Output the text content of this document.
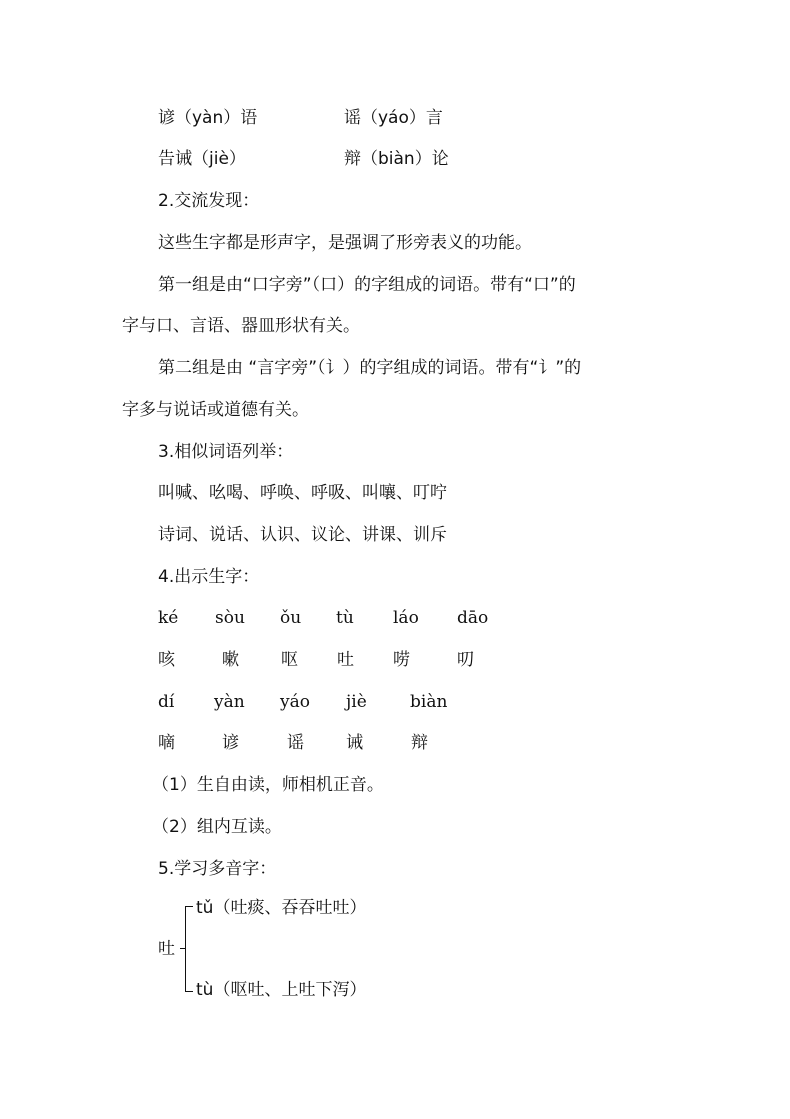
谚（yàn）语	谣（yáo）言
告诫（jiè）	辩（biàn）论
2.交流发现：
这些生字都是形声字，是强调了形旁表义的功能。
第一组是由“口字旁”（口）的字组成的词语。带有“口”的
字与口、言语、器皿形状有关。
第二组是由 “言字旁”（讠）的字组成的词语。带有“讠”的
字多与说话或道德有关。
3.相似词语列举：
叫喊、吆喝、呼唤、呼吸、叫嚷、叮咛
诗词、说话、认识、议论、讲课、训斥
4.出示生字：
ké sòu ǒu tù láo dāo
咳	嗽 呕 吐 唠	叨
dí yàn yáo jiè	biàn
嘀	谚	谣 诫	辩
（1）生自由读，师相机正音。
（2）组内互读。
5.学习多音字：
吐
tǔ（吐痰、吞吞吐吐）
tù（呕吐、上吐下泻）
